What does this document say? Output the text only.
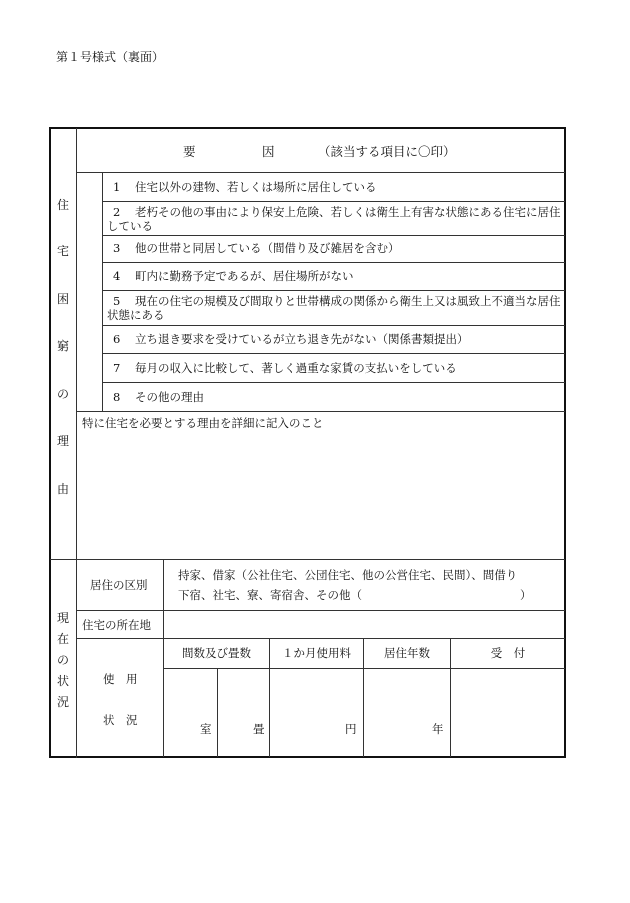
第１号様式（裏面）
住
宅
困
窮
の
理
由
要	因	（該当する項目に〇印）
1 住宅以外の建物、若しくは場所に居住している
2	老朽その他の事由により保安上危険、若しくは衛生上有害な状態にある住宅に居住している
3 他の世帯と同居している（間借り及び雑居を含む）
4 町内に勤務予定であるが、居住場所がない
5	現在の住宅の規模及び間取りと世帯構成の関係から衛生上又は風致上不適当な居住状態にある
6 立ち退き要求を受けているが立ち退き先がない（関係書類提出）
7 毎月の収入に比較して、著しく過重な家賃の支払いをしている
8 その他の理由
特に住宅を必要とする理由を詳細に記入のこと
現
在
の
状
況
居住の区別
持家、借家（公社住宅、公団住宅、他の公営住宅、民間）、間借り
下宿、社宅、寮、寄宿舎、その他（	）
住宅の所在地
使　用
状　況
間数及び畳数	１か月使用料	居住年数	受　付
室	畳	円	年
